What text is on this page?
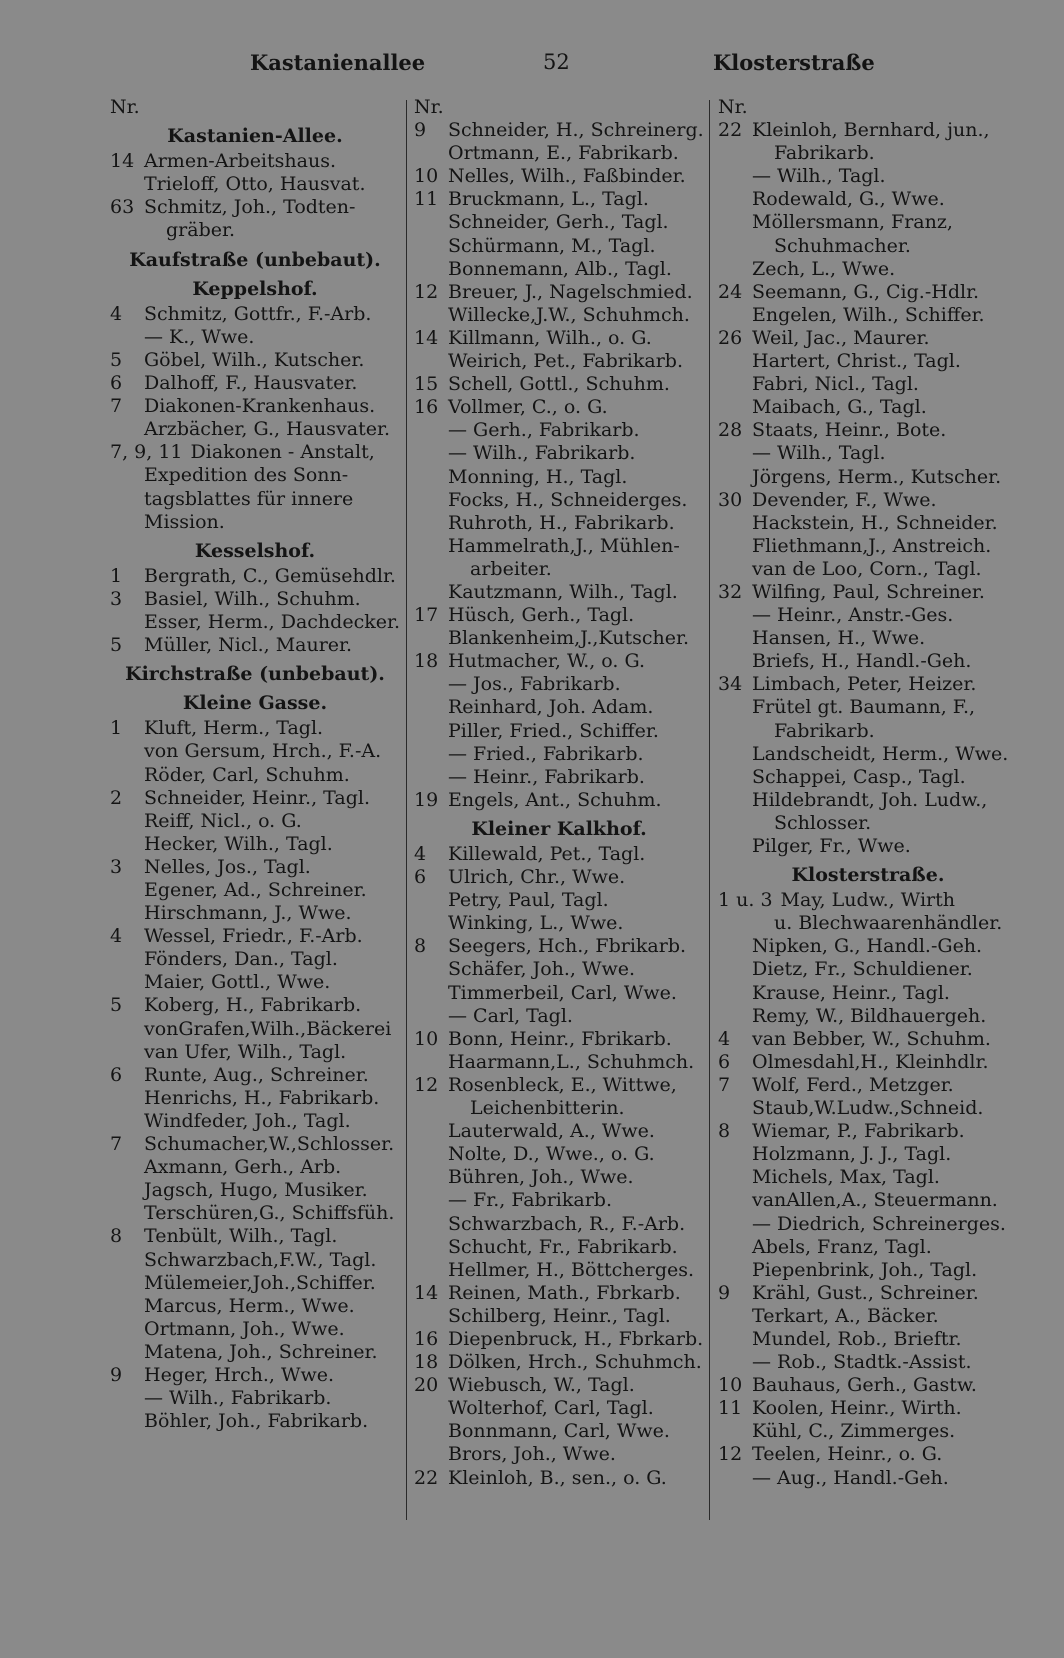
Kastanienallee	52	Klosterstraße
Nr.
Kastanien-Allee.
14 Armen-Arbeitshaus.
Trieloff, Otto, Hausvat.
63 Schmitz, Joh., Todten-
gräber.
Kaufstraße (unbebaut).
Keppelshof.
4 Schmitz, Gottfr., F.-Arb.
— K., Wwe.
5 Göbel, Wilh., Kutscher.
6 Dalhoff, F., Hausvater.
7 Diakonen-Krankenhaus.
Arzbächer, G., Hausvater.
7, 9, 11 Diakonen - Anstalt,
Expedition des Sonn-
tagsblattes für innere
Mission.
Kesselshof.
1 Bergrath, C., Gemüsehdlr.
3 Basiel, Wilh., Schuhm.
Esser, Herm., Dachdecker.
5 Müller, Nicl., Maurer.
Kirchstraße (unbebaut).
Kleine Gasse.
1 Kluft, Herm., Tagl.
von Gersum, Hrch., F.-A.
Röder, Carl, Schuhm.
2 Schneider, Heinr., Tagl.
Reiff, Nicl., o. G.
Hecker, Wilh., Tagl.
3 Nelles, Jos., Tagl.
Egener, Ad., Schreiner.
Hirschmann, J., Wwe.
4 Wessel, Friedr., F.-Arb.
Fönders, Dan., Tagl.
Maier, Gottl., Wwe.
5 Koberg, H., Fabrikarb.
vonGrafen,Wilh.,Bäckerei
van Ufer, Wilh., Tagl.
6 Runte, Aug., Schreiner.
Henrichs, H., Fabrikarb.
Windfeder, Joh., Tagl.
7 Schumacher,W.,Schlosser.
Axmann, Gerh., Arb.
Jagsch, Hugo, Musiker.
Terschüren,G., Schiffsfüh.
8 Tenbült, Wilh., Tagl.
Schwarzbach,F.W., Tagl.
Mülemeier,Joh.,Schiffer.
Marcus, Herm., Wwe.
Ortmann, Joh., Wwe.
Matena, Joh., Schreiner.
9 Heger, Hrch., Wwe.
— Wilh., Fabrikarb.
Böhler, Joh., Fabrikarb.
Nr.
9 Schneider, H., Schreinerg.
Ortmann, E., Fabrikarb.
10 Nelles, Wilh., Faßbinder.
11 Bruckmann, L., Tagl.
Schneider, Gerh., Tagl.
Schürmann, M., Tagl.
Bonnemann, Alb., Tagl.
12 Breuer, J., Nagelschmied.
Willecke,J.W., Schuhmch.
14 Killmann, Wilh., o. G.
Weirich, Pet., Fabrikarb.
15 Schell, Gottl., Schuhm.
16 Vollmer, C., o. G.
— Gerh., Fabrikarb.
— Wilh., Fabrikarb.
Monning, H., Tagl.
Focks, H., Schneiderges.
Ruhroth, H., Fabrikarb.
Hammelrath,J., Mühlen-
arbeiter.
Kautzmann, Wilh., Tagl.
17 Hüsch, Gerh., Tagl.
Blankenheim,J.,Kutscher.
18 Hutmacher, W., o. G.
— Jos., Fabrikarb.
Reinhard, Joh. Adam.
Piller, Fried., Schiffer.
— Fried., Fabrikarb.
— Heinr., Fabrikarb.
19 Engels, Ant., Schuhm.
Kleiner Kalkhof.
4 Killewald, Pet., Tagl.
6 Ulrich, Chr., Wwe.
Petry, Paul, Tagl.
Winking, L., Wwe.
8 Seegers, Hch., Fbrikarb.
Schäfer, Joh., Wwe.
Timmerbeil, Carl, Wwe.
— Carl, Tagl.
10 Bonn, Heinr., Fbrikarb.
Haarmann,L., Schuhmch.
12 Rosenbleck, E., Wittwe,
Leichenbitterin.
Lauterwald, A., Wwe.
Nolte, D., Wwe., o. G.
Bühren, Joh., Wwe.
— Fr., Fabrikarb.
Schwarzbach, R., F.-Arb.
Schucht, Fr., Fabrikarb.
Hellmer, H., Böttcherges.
14 Reinen, Math., Fbrkarb.
Schilberg, Heinr., Tagl.
16 Diepenbruck, H., Fbrkarb.
18 Dölken, Hrch., Schuhmch.
20 Wiebusch, W., Tagl.
Wolterhof, Carl, Tagl.
Bonnmann, Carl, Wwe.
Brors, Joh., Wwe.
22 Kleinloh, B., sen., o. G.
Nr.
22 Kleinloh, Bernhard, jun.,
Fabrikarb.
— Wilh., Tagl.
Rodewald, G., Wwe.
Möllersmann, Franz,
Schuhmacher.
Zech, L., Wwe.
24 Seemann, G., Cig.-Hdlr.
Engelen, Wilh., Schiffer.
26 Weil, Jac., Maurer.
Hartert, Christ., Tagl.
Fabri, Nicl., Tagl.
Maibach, G., Tagl.
28 Staats, Heinr., Bote.
— Wilh., Tagl.
Jörgens, Herm., Kutscher.
30 Devender, F., Wwe.
Hackstein, H., Schneider.
Fliethmann,J., Anstreich.
van de Loo, Corn., Tagl.
32 Wilfing, Paul, Schreiner.
— Heinr., Anstr.-Ges.
Hansen, H., Wwe.
Briefs, H., Handl.-Geh.
34 Limbach, Peter, Heizer.
Frütel gt. Baumann, F.,
Fabrikarb.
Landscheidt, Herm., Wwe.
Schappei, Casp., Tagl.
Hildebrandt, Joh. Ludw.,
Schlosser.
Pilger, Fr., Wwe.
Klosterstraße.
1 u. 3 May, Ludw., Wirth
u. Blechwaarenhändler.
Nipken, G., Handl.-Geh.
Dietz, Fr., Schuldiener.
Krause, Heinr., Tagl.
Remy, W., Bildhauergeh.
4 van Bebber, W., Schuhm.
6 Olmesdahl,H., Kleinhdlr.
7 Wolf, Ferd., Metzger.
Staub,W.Ludw.,Schneid.
8 Wiemar, P., Fabrikarb.
Holzmann, J. J., Tagl.
Michels, Max, Tagl.
vanAllen,A., Steuermann.
— Diedrich, Schreinerges.
Abels, Franz, Tagl.
Piepenbrink, Joh., Tagl.
9 Krähl, Gust., Schreiner.
Terkart, A., Bäcker.
Mundel, Rob., Brieftr.
— Rob., Stadtk.-Assist.
10 Bauhaus, Gerh., Gastw.
11 Koolen, Heinr., Wirth.
Kühl, C., Zimmerges.
12 Teelen, Heinr., o. G.
— Aug., Handl.-Geh.
